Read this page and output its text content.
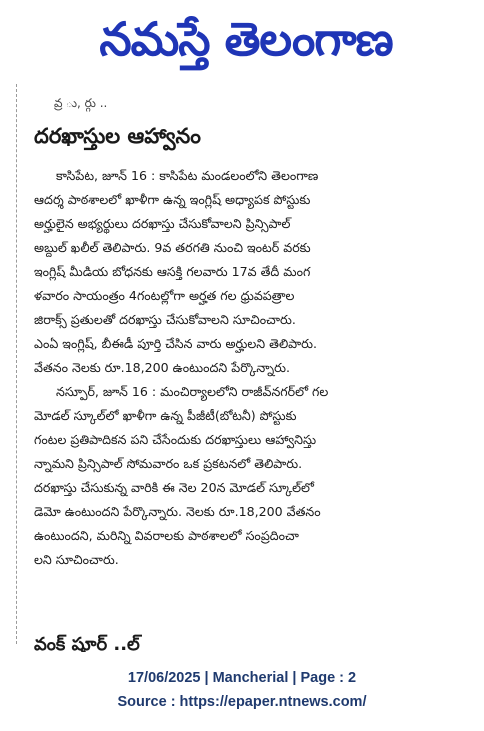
నమస్తే తెలంగాణ
వ్ర ు, ర్గు ..
దరఖాస్తుల ఆహ్వానం

కాసిపేట, జూన్ 16 : కాసిపేట మండలంలోని తెలంగాణ
ఆదర్శ పాఠశాలలో ఖాళీగా ఉన్న ఇంగ్లిష్ అధ్యాపక పోస్టుకు
అర్హులైన అభ్యర్థులు దరఖాస్తు చేసుకోవాలని ప్రిన్సిపాల్
అబ్దుల్ ఖలీల్ తెలిపారు. 9వ తరగతి నుంచి ఇంటర్ వరకు
ఇంగ్లిష్ మీడియ బోధనకు ఆసక్తి గలవారు 17వ తేదీ మంగ
ళవారం సాయంత్రం 4గంటల్లోగా అర్హత గల ధ్రువపత్రాల
జిరాక్స్ ప్రతులతో దరఖాస్తు చేసుకోవాలని సూచించారు.
ఎంఏ ఇంగ్లిష్, బీఈడీ పూర్తి చేసిన వారు అర్హులని తెలిపారు.
వేతనం నెలకు రూ.18,200 ఉంటుందని పేర్కొన్నారు.

నస్పూర్, జూన్ 16 : మంచిర్యాలలోని రాజీవ్‌నగర్‌లో గల
మోడల్ స్కూల్‌లో ఖాళీగా ఉన్న పీజీటీ(బోటనీ) పోస్టుకు
గంటల ప్రతిపాదికన పని చేసేందుకు దరఖాస్తులు ఆహ్వానిస్తు
న్నామని ప్రిన్సిపాల్ సోమవారం ఒక ప్రకటనలో తెలిపారు.
దరఖాస్తు చేసుకున్న వారికి ఈ నెల 20న మోడల్ స్కూల్‌లో
డెమో ఉంటుందని పేర్కొన్నారు. నెలకు రూ.18,200 వేతనం
ఉంటుందని, మరిన్ని వివరాలకు పాఠశాలలో సంప్రదించా
లని సూచించారు.

వంక్ షూర్ ..ల్
17/06/2025 | Mancherial | Page : 2
Source : https://epaper.ntnews.com/
